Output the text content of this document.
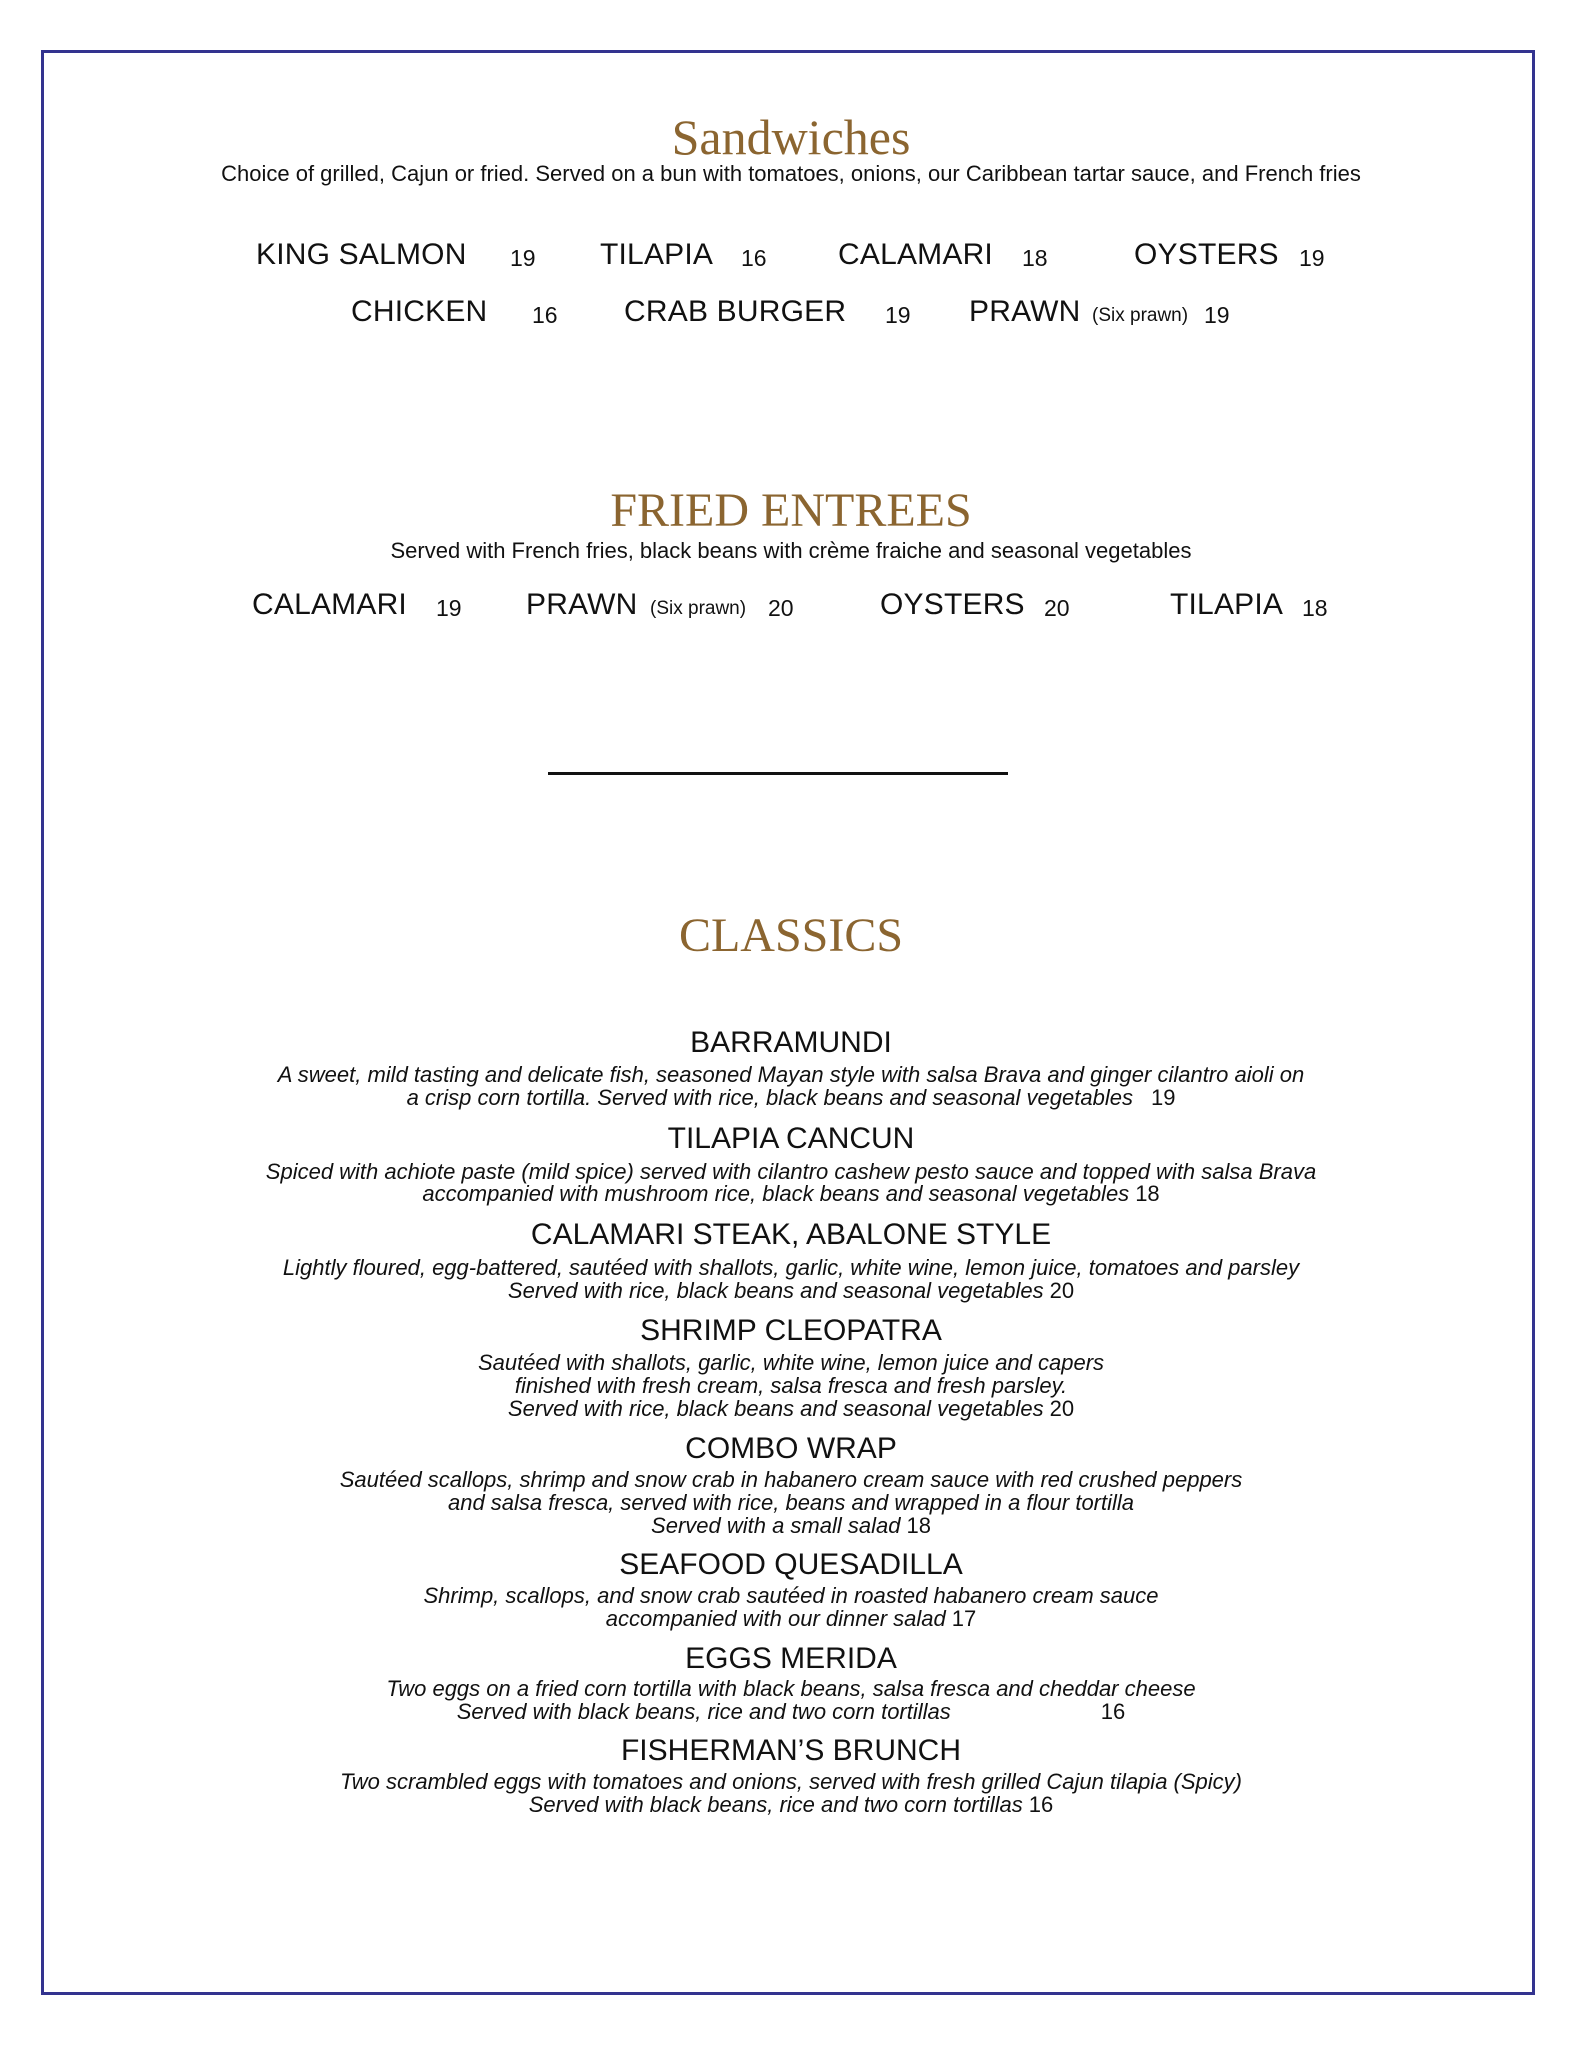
Sandwiches
Choice of grilled, Cajun or fried. Served on a bun with tomatoes, onions, our Caribbean tartar sauce, and French fries
KING SALMON 19 TILAPIA 16 CALAMARI 18	OYSTERS 19
CHICKEN 16 CRAB BURGER 19 PRAWN (Six prawn) 19
FRIED ENTREES
Served with French fries, black beans with crème fraiche and seasonal vegetables
CALAMARI 19 PRAWN (Six prawn) 20	OYSTERS 20	TILAPIA 18
CLASSICS
BARRAMUNDI
A sweet, mild tasting and delicate fish, seasoned Mayan style with salsa Brava and ginger cilantro aioli on
a crisp corn tortilla. Served with rice, black beans and seasonal vegetables 19
TILAPIA CANCUN
Spiced with achiote paste (mild spice) served with cilantro cashew pesto sauce and topped with salsa Brava
accompanied with mushroom rice, black beans and seasonal vegetables 18
CALAMARI STEAK, ABALONE STYLE
Lightly floured, egg-battered, sautéed with shallots, garlic, white wine, lemon juice, tomatoes and parsley
Served with rice, black beans and seasonal vegetables 20
SHRIMP CLEOPATRA
Sautéed with shallots, garlic, white wine, lemon juice and capers
finished with fresh cream, salsa fresca and fresh parsley.
Served with rice, black beans and seasonal vegetables 20
COMBO WRAP
Sautéed scallops, shrimp and snow crab in habanero cream sauce with red crushed peppers
and salsa fresca, served with rice, beans and wrapped in a flour tortilla
Served with a small salad 18
SEAFOOD QUESADILLA
Shrimp, scallops, and snow crab sautéed in roasted habanero cream sauce
accompanied with our dinner salad 17
EGGS MERIDA
Two eggs on a fried corn tortilla with black beans, salsa fresca and cheddar cheese
Served with black beans, rice and two corn tortillas	16
FISHERMAN’S BRUNCH
Two scrambled eggs with tomatoes and onions, served with fresh grilled Cajun tilapia (Spicy)
Served with black beans, rice and two corn tortillas 16
